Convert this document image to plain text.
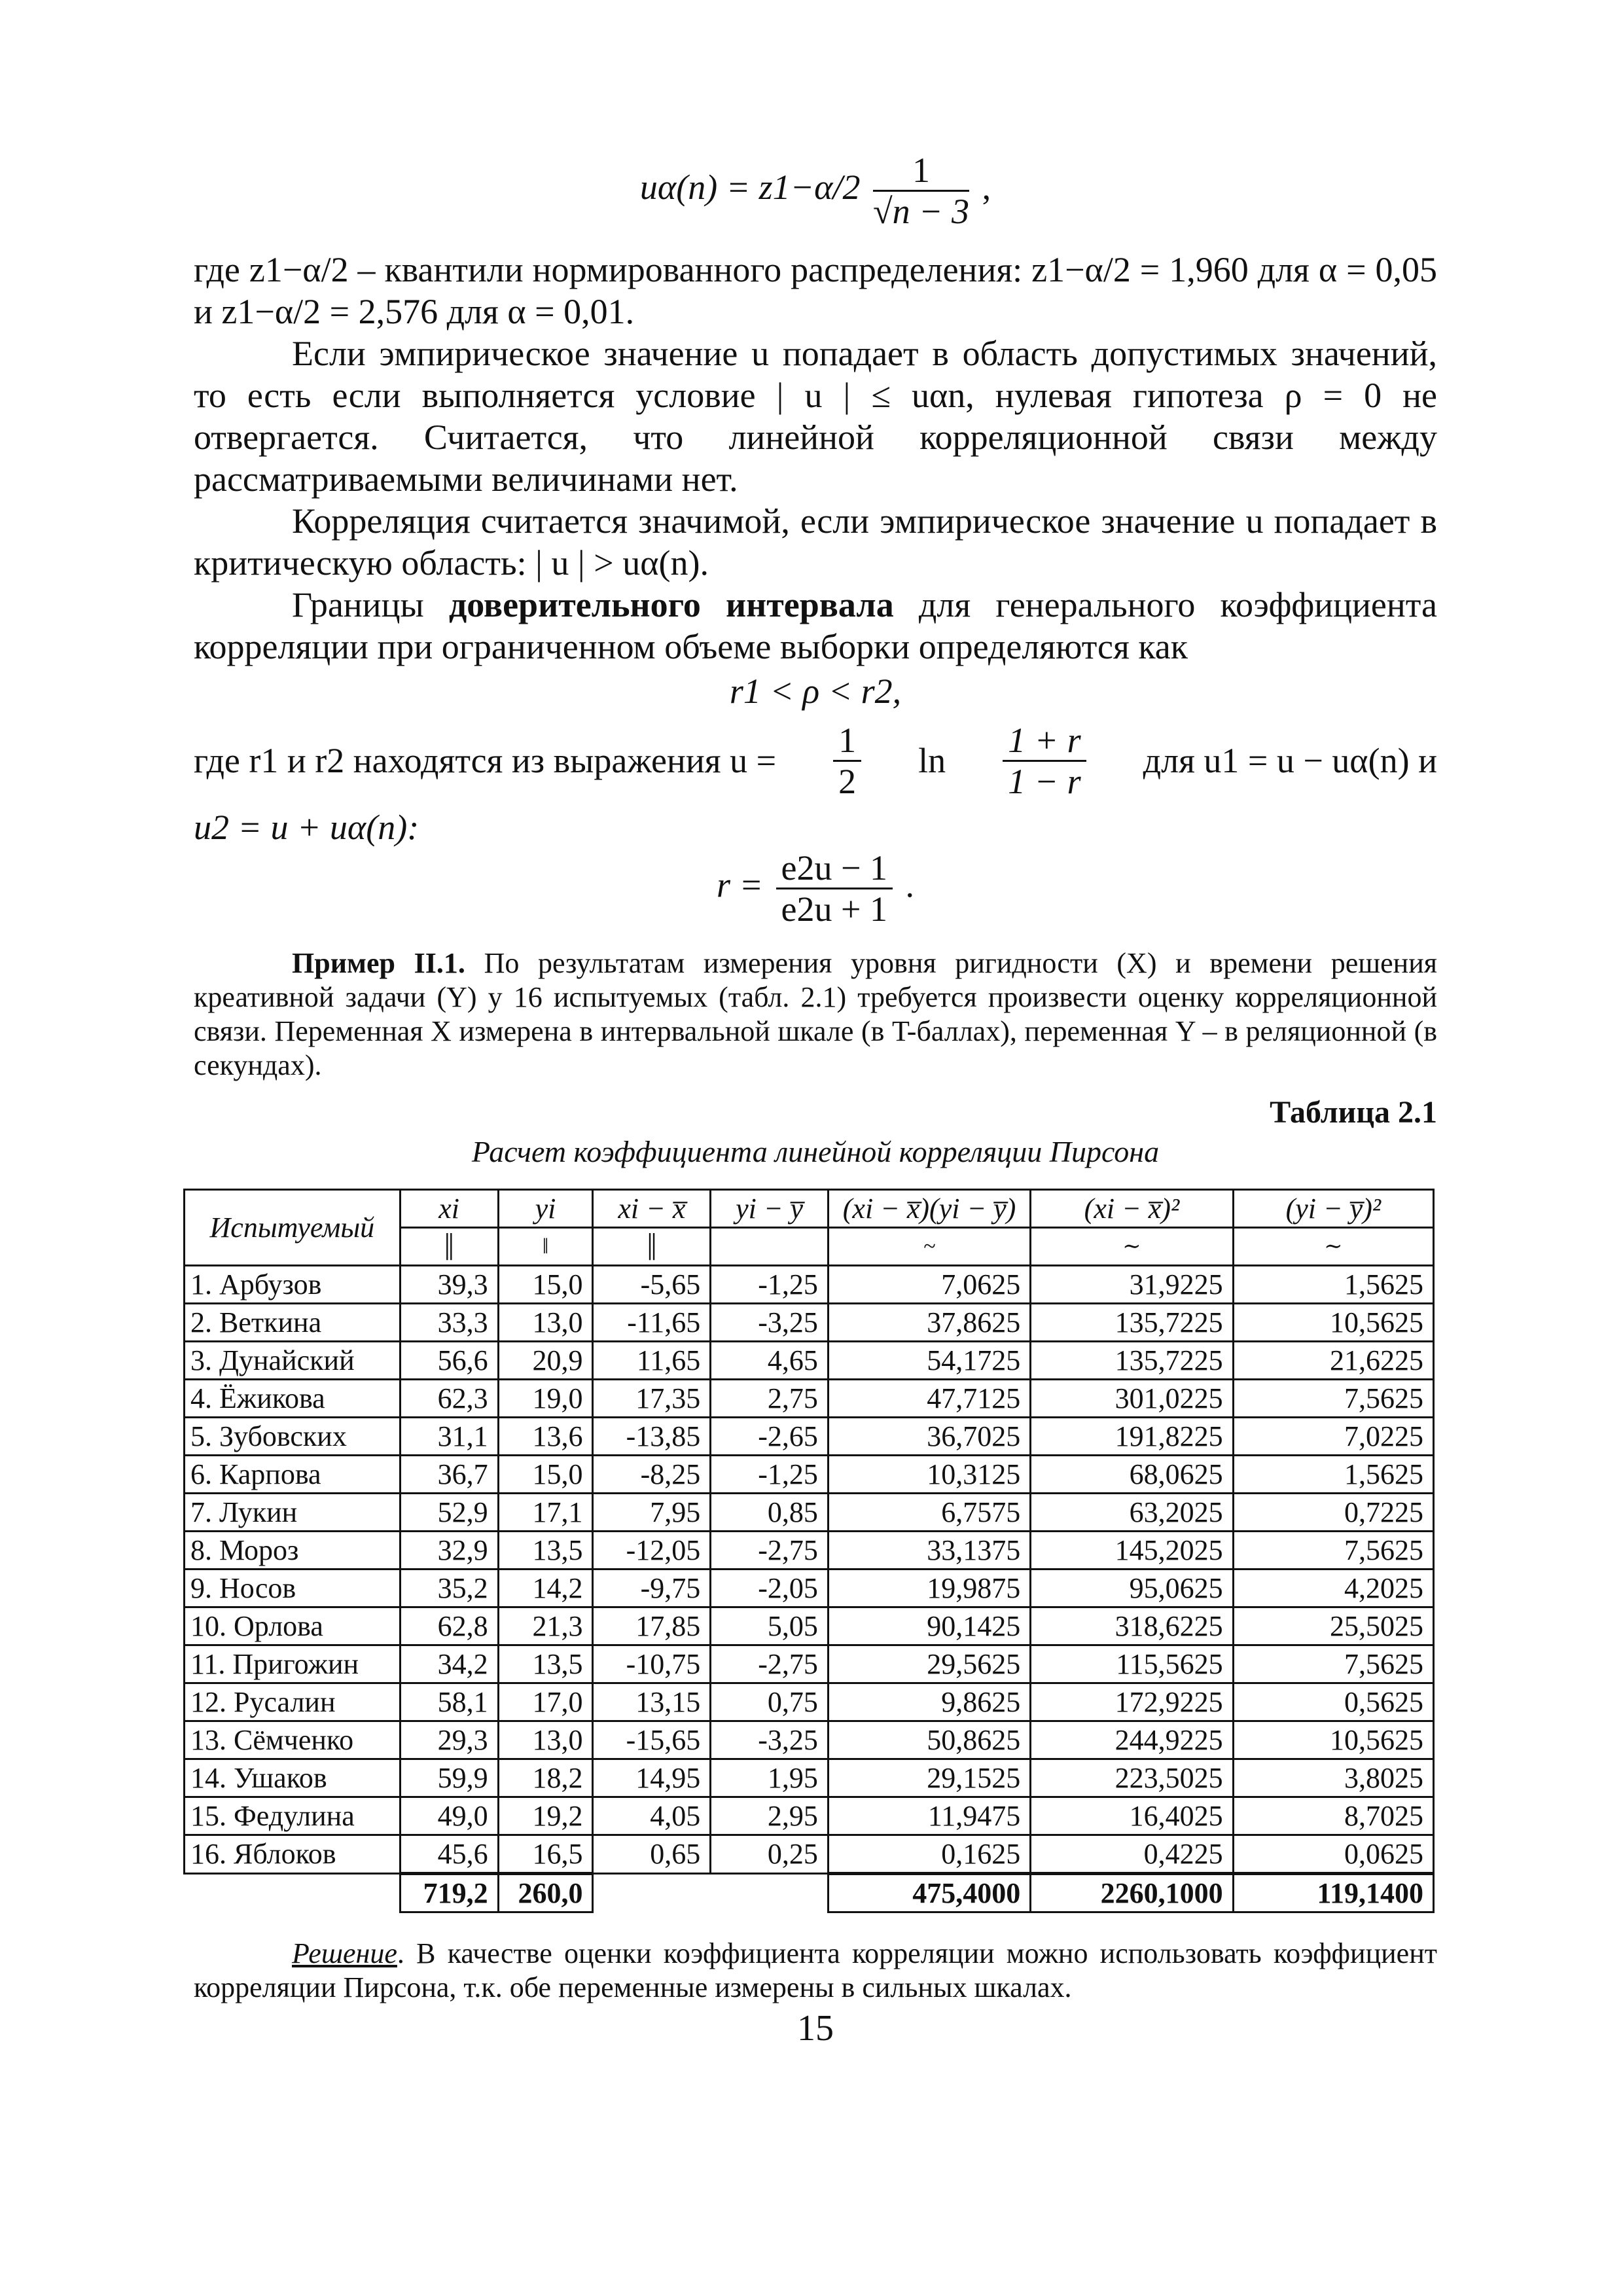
$u\alpha(n) = z1-\alpha/2 \frac{1}{√n - 3}$ ,

где z1−α/2 – квантили нормированного распределения: z1−α/2 = 1,960 для α = 0,05 и z1−α/2 = 2,576 для α = 0,01.

Если эмпирическое значение u попадает в область допустимых значений, то есть если выполняется условие | u | ≤ uαn, нулевая гипотеза ρ = 0 не отвергается. Считается, что линейной корреляционной связи между рассматриваемыми величинами нет.

Корреляция считается значимой, если эмпирическое значение u попадает в критическую область: | u | > uα(n).

Границы доверительного интервала для генерального коэффициента корреляции при ограниченном объеме выборки определяются как

r1 < ρ < r2,
где r1 и r2 находятся из выражения $u = \frac{1}{2}$ $\ln \frac{1 + r}{1 - r}$ для u1 = u − uα(n) и

u2 = u + uα(n):

$r = \frac{e2u - 1}{e2u + 1}$ .

Пример II.1. По результатам измерения уровня ригидности (X) и времени решения креативной задачи (Y) у 16 испытуемых (табл. 2.1) требуется произвести оценку корреляционной связи. Переменная X измерена в интервальной шкале (в T-баллах), переменная Y – в реляционной (в секундах).

Таблица 2.1
Расчет коэффициента линейной корреляции Пирсона
Испытуемый	xi	yi	xi − x̅	yi − y̅	(xi − x̅)(yi − y̅)	(xi − x̅)²	(yi − y̅)²
	║	‖	║		~	∼	∼
1. Арбузов	39,3	15,0	-5,65	-1,25	7,0625	31,9225	1,5625
2. Веткина	33,3	13,0	-11,65	-3,25	37,8625	135,7225	10,5625
3. Дунайский	56,6	20,9	11,65	4,65	54,1725	135,7225	21,6225
4. Ёжикова	62,3	19,0	17,35	2,75	47,7125	301,0225	7,5625
5. Зубовских	31,1	13,6	-13,85	-2,65	36,7025	191,8225	7,0225
6. Карпова	36,7	15,0	-8,25	-1,25	10,3125	68,0625	1,5625
7. Лукин	52,9	17,1	7,95	0,85	6,7575	63,2025	0,7225
8. Мороз	32,9	13,5	-12,05	-2,75	33,1375	145,2025	7,5625
9. Носов	35,2	14,2	-9,75	-2,05	19,9875	95,0625	4,2025
10. Орлова	62,8	21,3	17,85	5,05	90,1425	318,6225	25,5025
11. Пригожин	34,2	13,5	-10,75	-2,75	29,5625	115,5625	7,5625
12. Русалин	58,1	17,0	13,15	0,75	9,8625	172,9225	0,5625
13. Сёмченко	29,3	13,0	-15,65	-3,25	50,8625	244,9225	10,5625
14. Ушаков	59,9	18,2	14,95	1,95	29,1525	223,5025	3,8025
15. Федулина	49,0	19,2	4,05	2,95	11,9475	16,4025	8,7025
16. Яблоков	45,6	16,5	0,65	0,25	0,1625	0,4225	0,0625
	719,2	260,0			475,4000	2260,1000	119,1400

Решение. В качестве оценки коэффициента корреляции можно использовать коэффициент корреляции Пирсона, т.к. обе переменные измерены в сильных шкалах.

15
